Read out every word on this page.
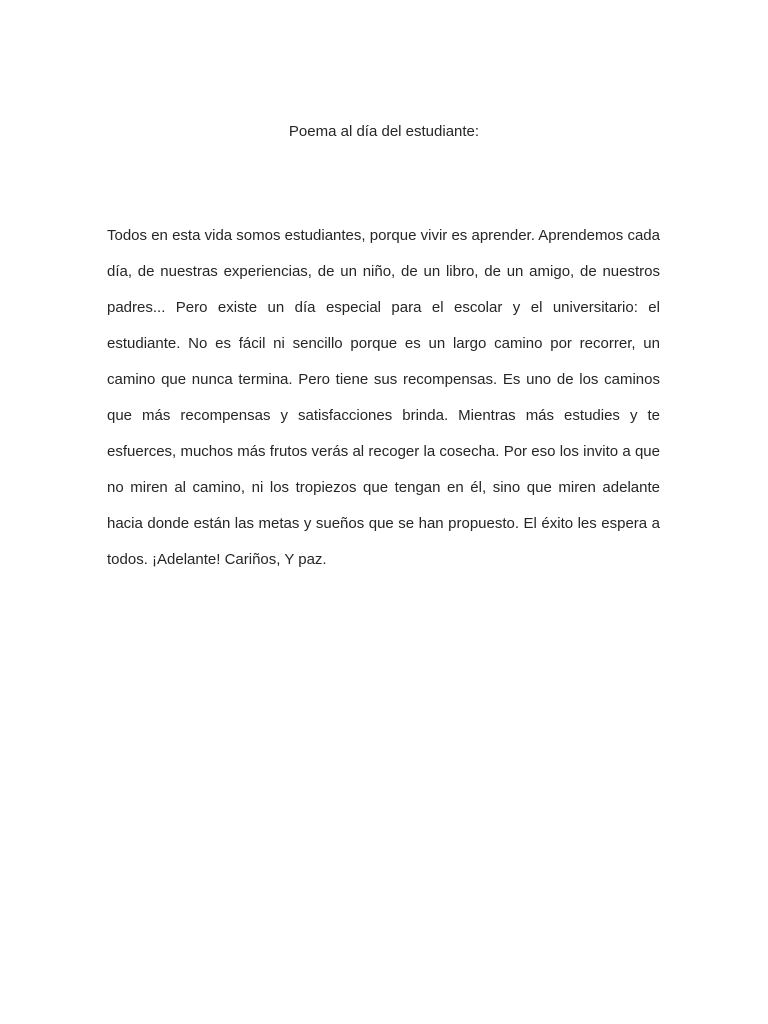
Poema al día del estudiante:

Todos en esta vida somos estudiantes, porque vivir es aprender. Aprendemos cada día, de nuestras experiencias, de un niño, de un libro, de un amigo, de nuestros padres... Pero existe un día especial para el escolar y el universitario: el estudiante. No es fácil ni sencillo porque es un largo camino por recorrer, un camino que nunca termina. Pero tiene sus recompensas. Es uno de los caminos que más recompensas y satisfacciones brinda. Mientras más estudies y te esfuerces, muchos más frutos verás al recoger la cosecha. Por eso los invito a que no miren al camino, ni los tropiezos que tengan en él, sino que miren adelante hacia donde están las metas y sueños que se han propuesto. El éxito les espera a todos. ¡Adelante! Cariños, Y paz.
